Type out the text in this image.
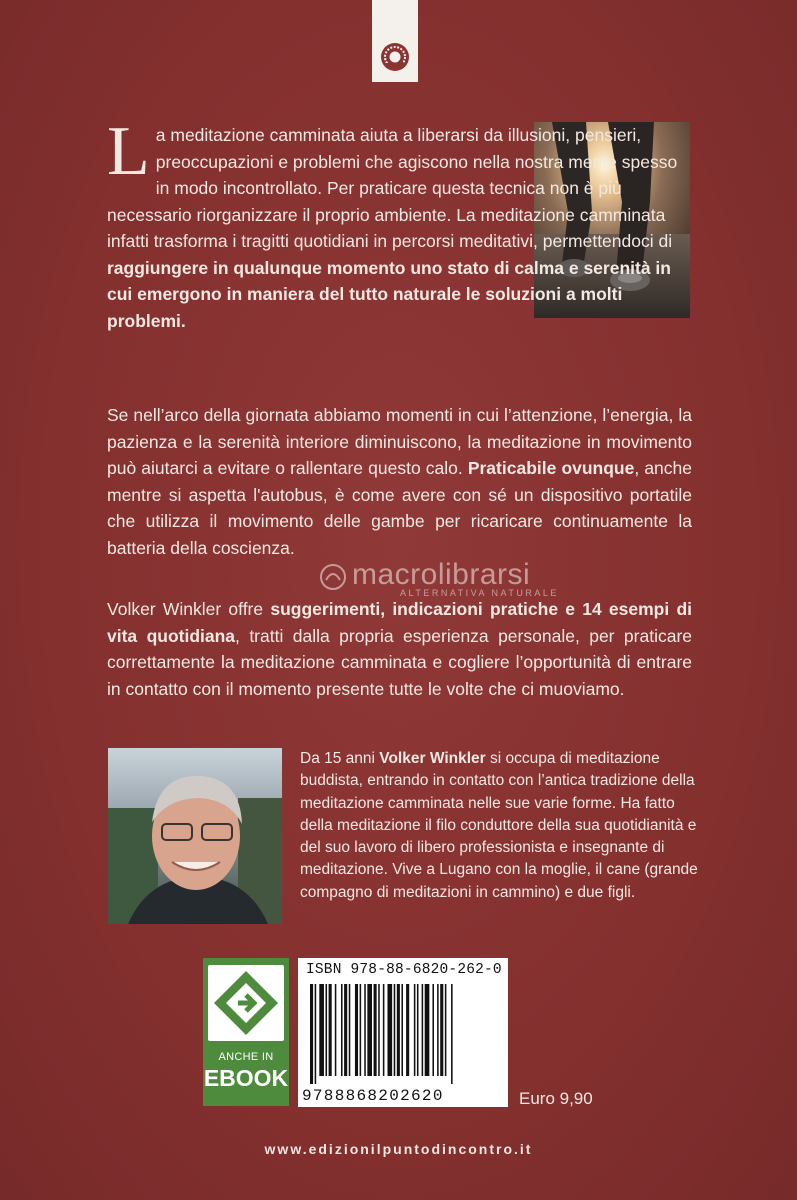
La meditazione camminata aiuta a liberarsi da illusioni, pensieri, preoccupazioni e problemi che agiscono nella nostra mente spesso in modo incontrollato. Per praticare questa tecnica non è più necessario riorganizzare il proprio ambiente. La meditazione camminata infatti trasforma i tragitti quotidiani in percorsi meditativi, permettendoci di raggiungere in qualunque momento uno stato di calma e serenità in cui emergono in maniera del tutto naturale le soluzioni a molti problemi.
Se nell’arco della giornata abbiamo momenti in cui l’attenzione, l’energia, la pazienza e la serenità interiore diminuiscono, la meditazione in movimento può aiutarci a evitare o rallentare questo calo. Praticabile ovunque, anche mentre si aspetta l'autobus, è come avere con sé un dispositivo portatile che utilizza il movimento delle gambe per ricaricare continuamente la batteria della coscienza.
macrolibrarsi
ALTERNATIVA NATURALE
Volker Winkler offre suggerimenti, indicazioni pratiche e 14 esempi di vita quotidiana, tratti dalla propria esperienza personale, per praticare correttamente la meditazione camminata e cogliere l’opportunità di entrare in contatto con il momento presente tutte le volte che ci muoviamo.
Da 15 anni Volker Winkler si occupa di meditazione buddista, entrando in contatto con l’antica tradizione della meditazione camminata nelle sue varie forme. Ha fatto della meditazione il filo conduttore della sua quotidianità e del suo lavoro di libero professionista e insegnante di meditazione. Vive a Lugano con la moglie, il cane (grande compagno di meditazioni in cammino) e due figli.
ANCHE IN
EBOOK
ISBN 978-88-6820-262-0
9788868202620	Euro 9,90
www.edizionilpuntodincontro.it
